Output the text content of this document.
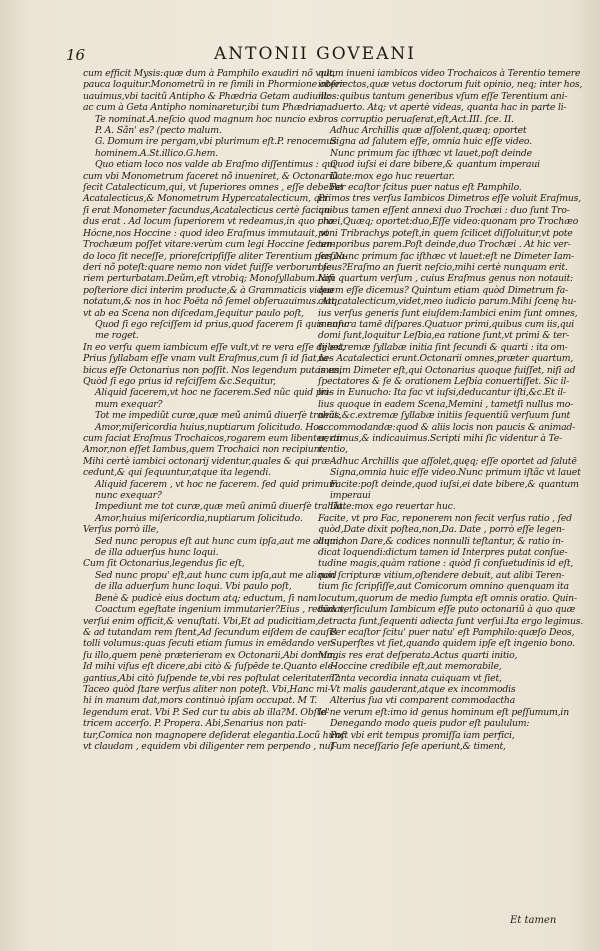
16	ANTONII GOVEANI

cum efficit Mysis:quæ dum à Pamphilo exaudiri nõ vult,

pauca loquitur.Monometrũ in re ſimili in Phormione obſer

uauimus,vbi tacitũ Antipho & Phædria Getam audiunt:

ac cum à Geta Antipho nominaretur,ibi tum Phædria,

Te nominat.A.neſcio quod magnum hoc nuncio ex-

P. A. Sãn' es? (pecto malum.

G. Domum ire pergam,vbi plurimum eſt.P. renocemus

hominem.A.St.illico.G.hem.

Quo etiam loco nos valde ab Eraſmo diſſentimus : qui

cum vbi Monometrum faceret nõ inueniret, & Octonariũ

ſecit Catalecticum,qui, vt ſuperiores omnes , eſſe debebat

Acatalecticus,& Monometrum Hypercatalecticum, qui

ſi erat Monometer facundus,Acatalecticus certè faciun-

dus erat . Ad locum ſuperiorem vt redeamus,in quo pro

Hócne,nos Hoccine : quod ideo Eraſmus immutauit, vt

Trochæum poſſet vitare:verùm cum legi Hoccine ſecun-

do loco ſit neceſſe, prioreſcripſiſſe aliter Terentium perſua-

deri nõ poteſt:quare nemo non videt fuiſſe verborum ſe-

riem perturbatam.Deũm,eſt vtrobiq; Monoſyllabum.Niſi

poſteriore dici interim producte,& à Grammaticis video

notatum,& nos in hoc Poëta nõ ſemel obſeruauimus. Atq;

vt ab ea Scena non diſcedam,ſequitur paulo poſt,

Quod ſi ego reſciſſem id prius,quod facerem ſi quis nunc

me roget.

In eo verſu quem iambicum eſſe vult,vt re vera eſſe debet,

Prius ſyllabam eſſe vnam vult Eraſmus,cum ſi id ſiat,Ia-

bicus eſſe Octonarius non poſſit. Nos legendum putamus,

Quòd ſi ego prius id reſciſſem &c.Sequitur,

Aliquid facerem,vt hoc ne facerem.Sed nũc quid pri-

mum exequar?

Tot me impediũt curæ,quæ meũ animũ diuerſè trahũt:

Amor,miſericordia huius,nuptiarum ſolicitudo. Hos

cum faciat Eraſmus Trochaicos,rogarem eum libenter, an

Amor,non eſſet Iambus,quem Trochaici non recipiunt.

Mihi certè iambici octonarij videntur,quales & qui præ-

cedunt,& qui ſequuntur,atque ita legendi.

Aliquid facerem , vt hoc ne facerem. ſed quid primum

nunc exequar?

Impediunt me tot curæ,quæ meũ animũ diuerſè trahũt.

Amor,huius miſericordia,nuptiarum ſolicitudo.

Verſus porrò ille,

Sed nunc peropus eſt aut hunc cum ipſa,aut me aliquid

de illa aduerſus hunc loqui.

Cum ſit Octonarius,legendus ſic eſt,

Sed nunc propu' eſt,aut hunc cum ipſa,aut me aliquid

de illa aduerſum hunc loqui. Vbi paulo poſt,

Benè & pudicè eius doctum atq; eductum, ſi nam

Coactum egeſtate ingenium immutarier?Eius , redūdat,

verſui enim officit,& venuſtati. Vbi,Et ad pudicitiam,

& ad tutandam rem ſtent,Ad ſecundum eiſdem de cauſis

tolli volumus:quas ſecuti etiam ſumus in emēdando ver-

ſu illo,quem penè præterieram ex Octonarii,Abi domum.

Id mihi viſus eſt dicere,abi citò & ſuſpēde te.Quanto ele-

gantius,Abi citò ſuſpende te,vbi res poſtulat celeritatem?

Taceo quòd ſtare verſus aliter non poteſt. Vbi,Hanc mi-

hi in manum dat,mors continuò ipſam occupat. M T.

legendum erat. Vbi P. Sed cur tu abis ab illa?M. Obſte-

tricem accerſo. P. Propera. Abi,Senarius non pati-

tur,Comica non magnopere deſiderat elegantia.Locũ hunc

vt claudam , equidem vbi diligenter rem perpendo , nuſ-

quam inueni iambicos video Trochaicos à Terentio temere

interiectos,quæ vetus doctorum fuit opinio, neq; inter hos,

illos:quibus tantum generibus vſum eſſe Terentium ani-

maduerto. Atq; vt apertè videas, quanta hac in parte li-

bros corruptio peruaſerat,eſt,Act.III. ſce. II.

Adhuc Archillis quæ aſſolent,quæq; oportet

Signa ad ſalutem eſſe, omnia huic eſſe video.

Nunc primum fac iſthæc vt lauet,poſt deinde

Quod iuſsi ei dare bibere,& quantum imperaui

Date:mox ego huc reuertar.

Per ecaſtor ſcitus puer natus eſt Pamphilo.

Primos tres verſus Iambicos Dimetros eſſe voluit Eraſmus,

quibus tamen eſſent annexi duo Trochæi : duo ſunt Tro-

chæi,Quæq; oportet:duo,Eſſe video:quonam pro Trochæo

poni Tribrachys poteſt,in quem ſcilicet diſſoluitur,vt pote

temporibus parem.Poſt deinde,duo Trochæi . At hic ver-

ſus,Nunc primum fac iſthæc vt lauet:eſt ne Dimeter Iam-

bicus?Eraſmo an fuerit neſcio,mihi certè nunquam erit.

Iam quartum verſum , cuius Eraſmus genus non notauit:

quem eſſe dicemus? Quintum etiam quòd Dimetrum fa-

ciat catalecticum,videt,meo iudicio parum.Mihi ſcenę hu-

ius verſus generis ſunt eiuſdem:Iambici enim ſunt omnes,

menſura tamē diſpares.Quatuor primi,quibus cum iis,qui

domi ſunt,loquitur Leſbia,ea ratione ſunt,vt primi & ter-

tij extremæ ſyllabæ initia ſint ſecundi & quarti : ita om-

nes Acatalectici erunt.Octonarii omnes,præter quartum,

is enim Dimeter eſt,qui Octonarius quoque fuiſſet, niſi ad

ſpectatores & ſe & orationem Leſbia conuertiſſet. Sic il-

lius in Eunucho: Ita fac vt iuſsi,deducantur iſti,&c.Et il-

lius quoque in eadem Scena,Memini , tametſi nullus mo-

neas,&c.extremæ ſyllabæ initiis ſequentiũ verſuum ſunt

accommodandæ:quod & aliis locis non paucis & animad-

uertimus,& indicauimus.Scripti mihi ſic videntur à Te-

rentio,

Adhuc Archillis que aſſolet,quęq; eſſe oportet ad ſalutē

Signa,omnia huic eſſe video.Nunc primum iſtãc vt lauet

Facite:poſt deinde,quod iuſsi,ei date bibere,& quantum

imperaui

Date:mox ego reuertar huc.

Facite, vt pro Fac, reponerem non fecit verſus ratio , ſed

quòd,Date dixit poſtea,non,Da. Date , porrò eſſe legen-

dum,non Dare,& codices nonnulli teſtantur, & ratio in-

dicat loquendi:dictum tamen id Interpres putat conſue-

tudine magis,quàm ratione : quòd ſi conſuetudinis id eſt,

non ſcripturæ vitium,oſtendere debuit, aut alibi Teren-

tium ſic ſcripſiſſe,aut Comicorum omnino quenquam ita

locutum,quorum de medio ſumpta eſt omnis oratio. Quin-

tum verſiculum Iambicum eſſe puto octonariũ à quo quæ

detracta ſunt,ſequenti adiecta ſunt verſui.Ita ergo legimus.

Per ecaſtor ſcitu' puer natu' eſt Pamphilo:quæſo Deos,

Superſtes vt ſiet,quando quidem ipſe eſt ingenio bono.

Magis res erat deſperata.Actus quarti initio,

Hoccine credibile eſt,aut memorabile,

Tanta vecordia innata cuiquam vt ſiet,

Vt malis gauderant,atque ex incommodis

Alterius ſua vti comparent commodactha

Id'ne verum eſt:imo id genus hominum eſt peſſumum,in

Denegando modo queis pudor eſt paululum:

Poſt vbi erit tempus promiſſa iam perfici,

Tum neceſſario ſeſe aperiunt,& timent,

Et tamen
